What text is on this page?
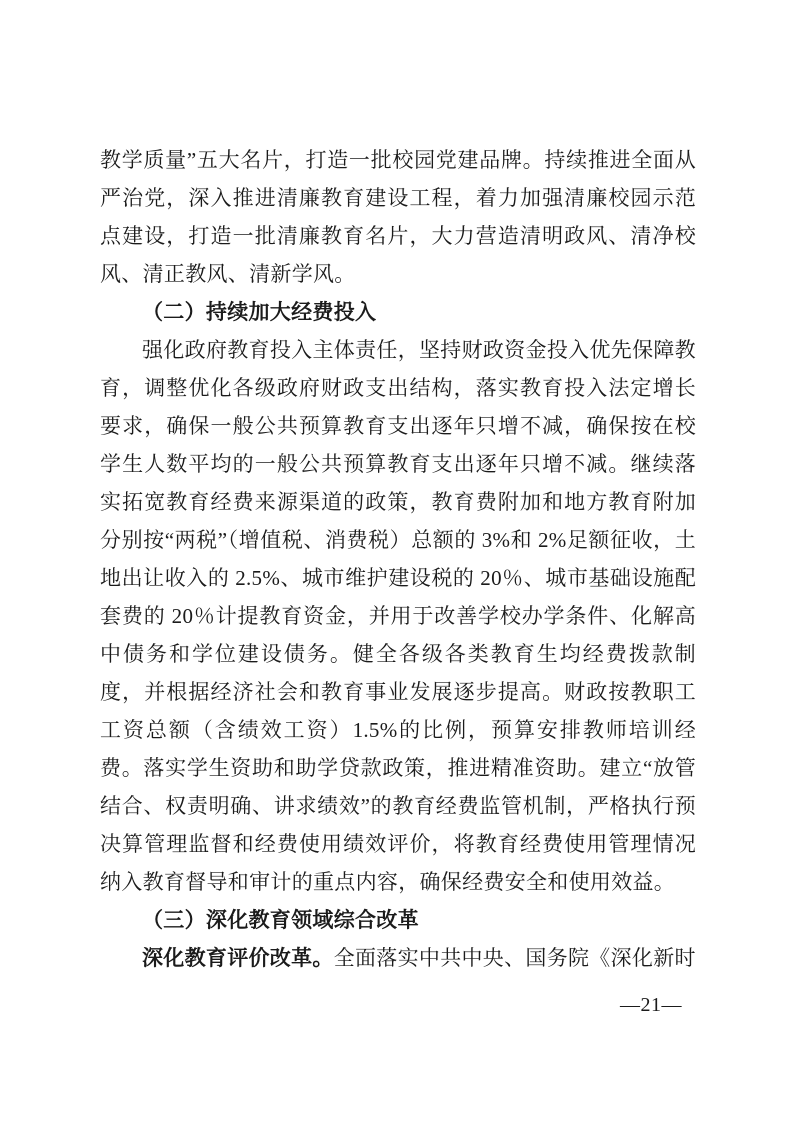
教学质量”五大名片，打造一批校园党建品牌。持续推进全面从严治党，深入推进清廉教育建设工程，着力加强清廉校园示范点建设，打造一批清廉教育名片，大力营造清明政风、清净校风、清正教风、清新学风。

（二）持续加大经费投入

强化政府教育投入主体责任，坚持财政资金投入优先保障教育，调整优化各级政府财政支出结构，落实教育投入法定增长要求，确保一般公共预算教育支出逐年只增不减，确保按在校学生人数平均的一般公共预算教育支出逐年只增不减。继续落实拓宽教育经费来源渠道的政策，教育费附加和地方教育附加分别按“两税”（增值税、消费税）总额的 3%和 2%足额征收，土地出让收入的 2.5%、城市维护建设税的 20％、城市基础设施配套费的 20％计提教育资金，并用于改善学校办学条件、化解高中债务和学位建设债务。健全各级各类教育生均经费拨款制度，并根据经济社会和教育事业发展逐步提高。财政按教职工工资总额（含绩效工资）1.5%的比例，预算安排教师培训经费。落实学生资助和助学贷款政策，推进精准资助。建立“放管结合、权责明确、讲求绩效”的教育经费监管机制，严格执行预决算管理监督和经费使用绩效评价，将教育经费使用管理情况纳入教育督导和审计的重点内容，确保经费安全和使用效益。

（三）深化教育领域综合改革

深化教育评价改革。全面落实中共中央、国务院《深化新时

—21—
